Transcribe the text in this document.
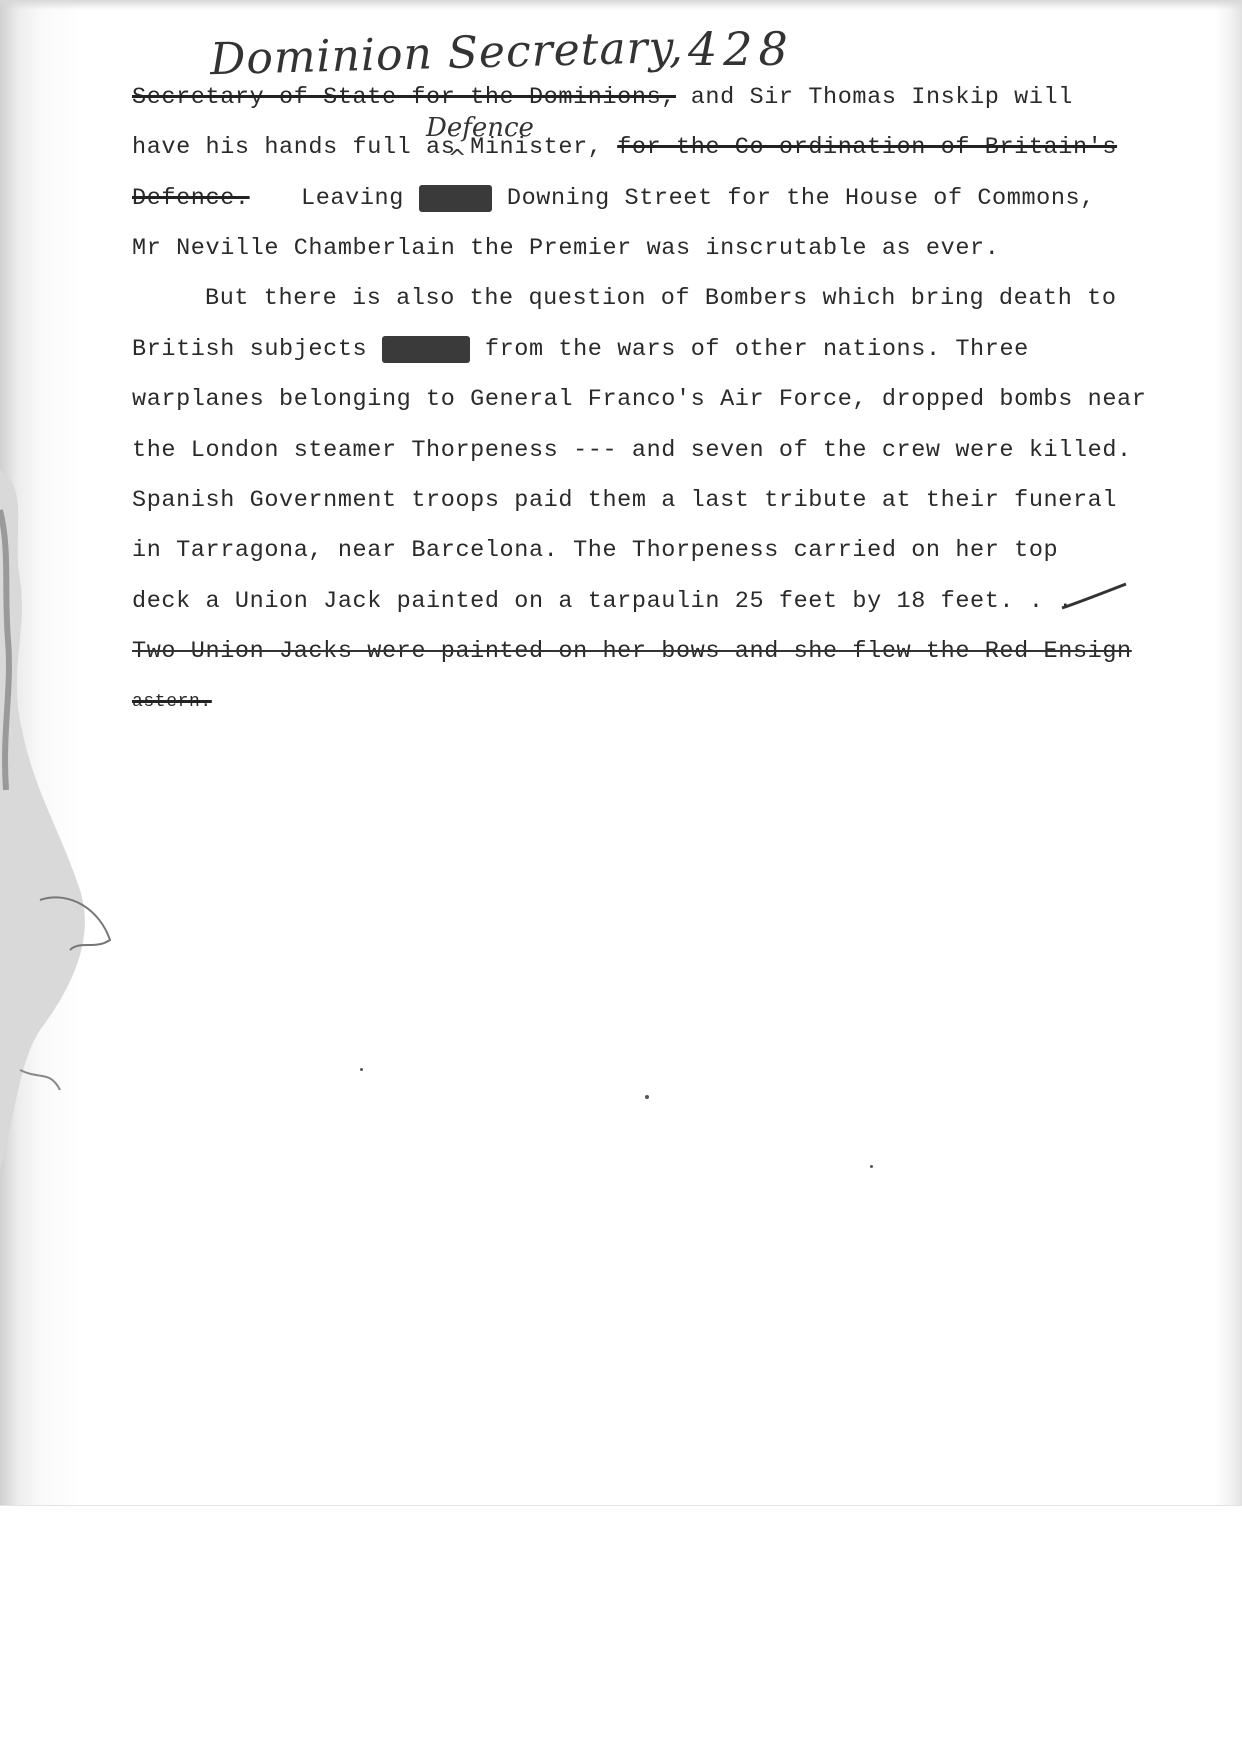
Dominion Secretary, 428
Defence
^
Secretary of State for the Dominions, and Sir Thomas Inskip will
have his hands full as Minister, for the Co-ordination of Britain's
Defence. Leaving No.10 Downing Street for the House of Commons,
Mr Neville Chamberlain the Premier was inscrutable as ever.
But there is also the question of Bombers which bring death to
British subjects xxxxxx from the wars of other nations. Three
warplanes belonging to General Franco's Air Force, dropped bombs near
the London steamer Thorpeness --- and seven of the crew were killed.
Spanish Government troops paid them a last tribute at their funeral
in Tarragona, near Barcelona. The Thorpeness carried on her top
deck a Union Jack painted on a tarpaulin 25 feet by 18 feet. . .
Two Union Jacks were painted on her bows and she flew the Red Ensign
astern.
